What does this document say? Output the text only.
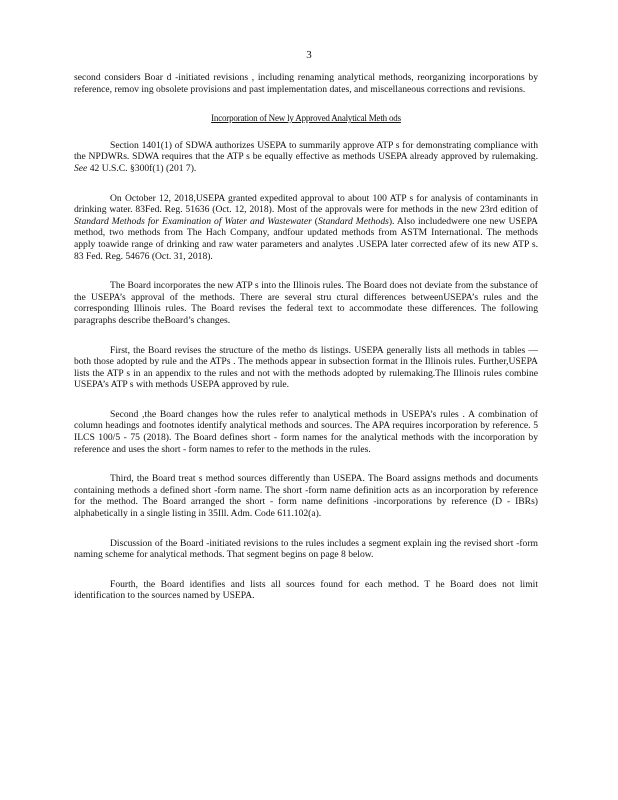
3

second considers Boar d -initiated revisions , including renaming analytical methods, reorganizing incorporations by reference, remov ing obsolete provisions and past implementation dates, and miscellaneous corrections and revisions.

Incorporation of New ly Approved Analytical Meth ods

Section 1401(1) of SDWA authorizes USEPA to summarily approve ATP s for demonstrating compliance with the NPDWRs. SDWA requires that the ATP s be equally effective as methods USEPA already approved by rulemaking. See 42 U.S.C. §300f(1) (201 7).

On October 12, 2018,USEPA granted expedited approval to about 100 ATP s for analysis of contaminants in drinking water. 83Fed. Reg. 51636 (Oct. 12, 2018). Most of the approvals were for methods in the new 23rd edition of Standard Methods for Examination of Water and Wastewater (Standard Methods). Also includedwere one new USEPA method, two methods from The Hach Company, andfour updated methods from ASTM International. The methods apply toawide range of drinking and raw water parameters and analytes .USEPA later corrected afew of its new ATP s. 83 Fed. Reg. 54676 (Oct. 31, 2018).

The Board incorporates the new ATP s into the Illinois rules. The Board does not deviate from the substance of the USEPA’s approval of the methods. There are several stru ctural differences betweenUSEPA’s rules and the corresponding Illinois rules. The Board revises the federal text to accommodate these differences. The following paragraphs describe theBoard’s changes.

First, the Board revises the structure of the metho ds listings. USEPA generally lists all methods in tables — both those adopted by rule and the ATPs . The methods appear in subsection format in the Illinois rules. Further,USEPA lists the ATP s in an appendix to the rules and not with the methods adopted by rulemaking.The Illinois rules combine USEPA’s ATP s with methods USEPA approved by rule.

Second ,the Board changes how the rules refer to analytical methods in USEPA’s rules . A combination of column headings and footnotes identify analytical methods and sources. The APA requires incorporation by reference. 5 ILCS 100/5 - 75 (2018). The Board defines short - form names for the analytical methods with the incorporation by reference and uses the short - form names to refer to the methods in the rules.

Third, the Board treat s method sources differently than USEPA. The Board assigns methods and documents containing methods a defined short -form name. The short -form name definition acts as an incorporation by reference for the method. The Board arranged the short - form name definitions -incorporations by reference (D - IBRs) alphabetically in a single listing in 35Ill. Adm. Code 611.102(a).

Discussion of the Board -initiated revisions to the rules includes a segment explain ing the revised short -form naming scheme for analytical methods. That segment begins on page 8 below.

Fourth, the Board identifies and lists all sources found for each method. T he Board does not limit identification to the sources named by USEPA.
